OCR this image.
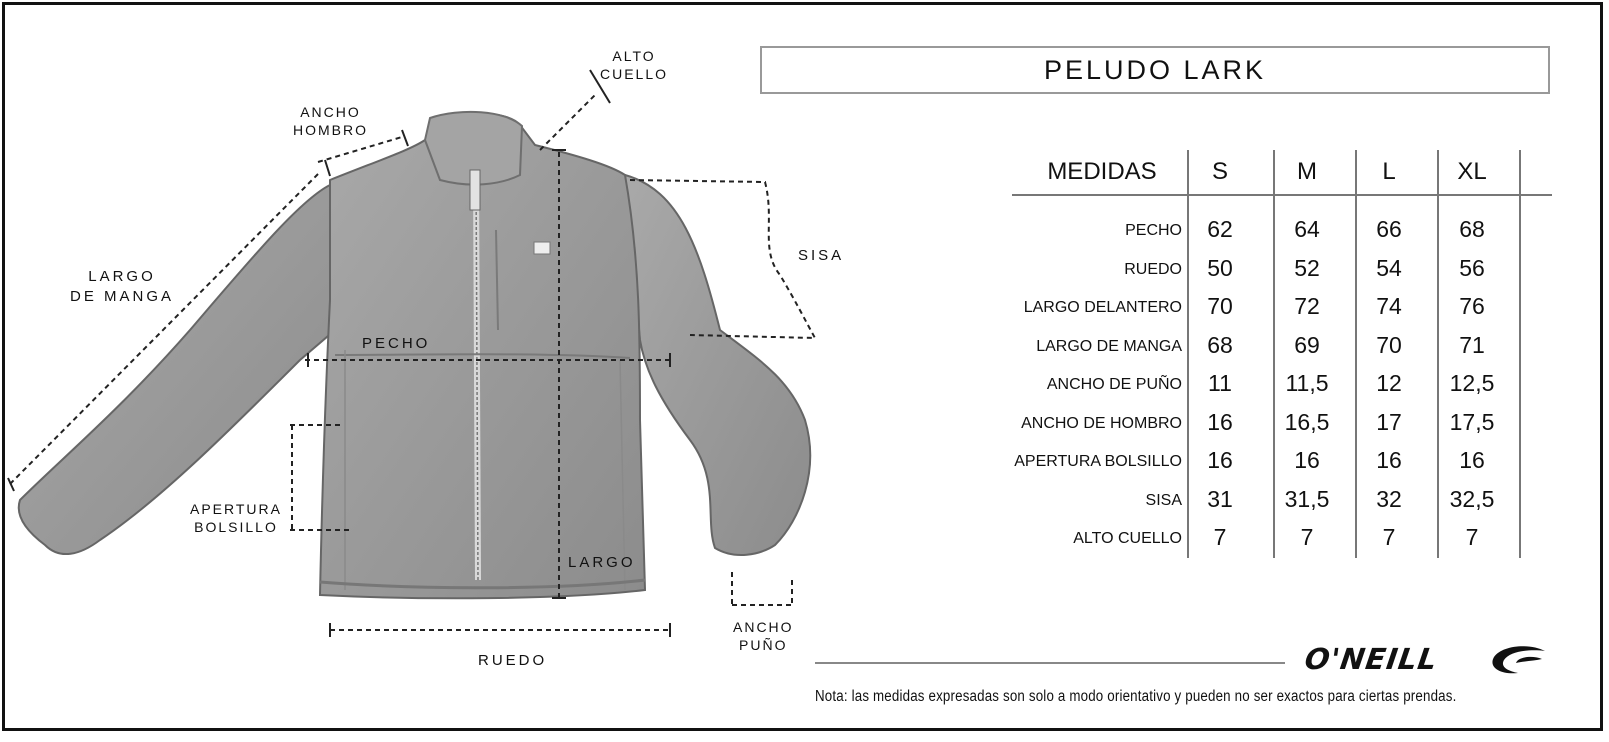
ALTO
CUELLO
ANCHO
HOMBRO
LARGO
DE MANGA
SISA
PECHO
APERTURA
BOLSILLO
LARGO
RUEDO
ANCHO
PUÑO
PELUDO LARK
MEDIDAS	S	M	L	XL
PECHO	62	64	66	68
RUEDO	50	52	54	56
LARGO DELANTERO	70	72	74	76
LARGO DE MANGA	68	69	70	71
ANCHO DE PUÑO	11	11,5	12	12,5
ANCHO DE HOMBRO	16	16,5	17	17,5
APERTURA BOLSILLO	16	16	16	16
SISA	31	31,5	32	32,5
ALTO CUELLO	7	7	7	7
O'NEILL
Nota: las medidas expresadas son solo a modo orientativo y pueden no ser exactos para ciertas prendas.
